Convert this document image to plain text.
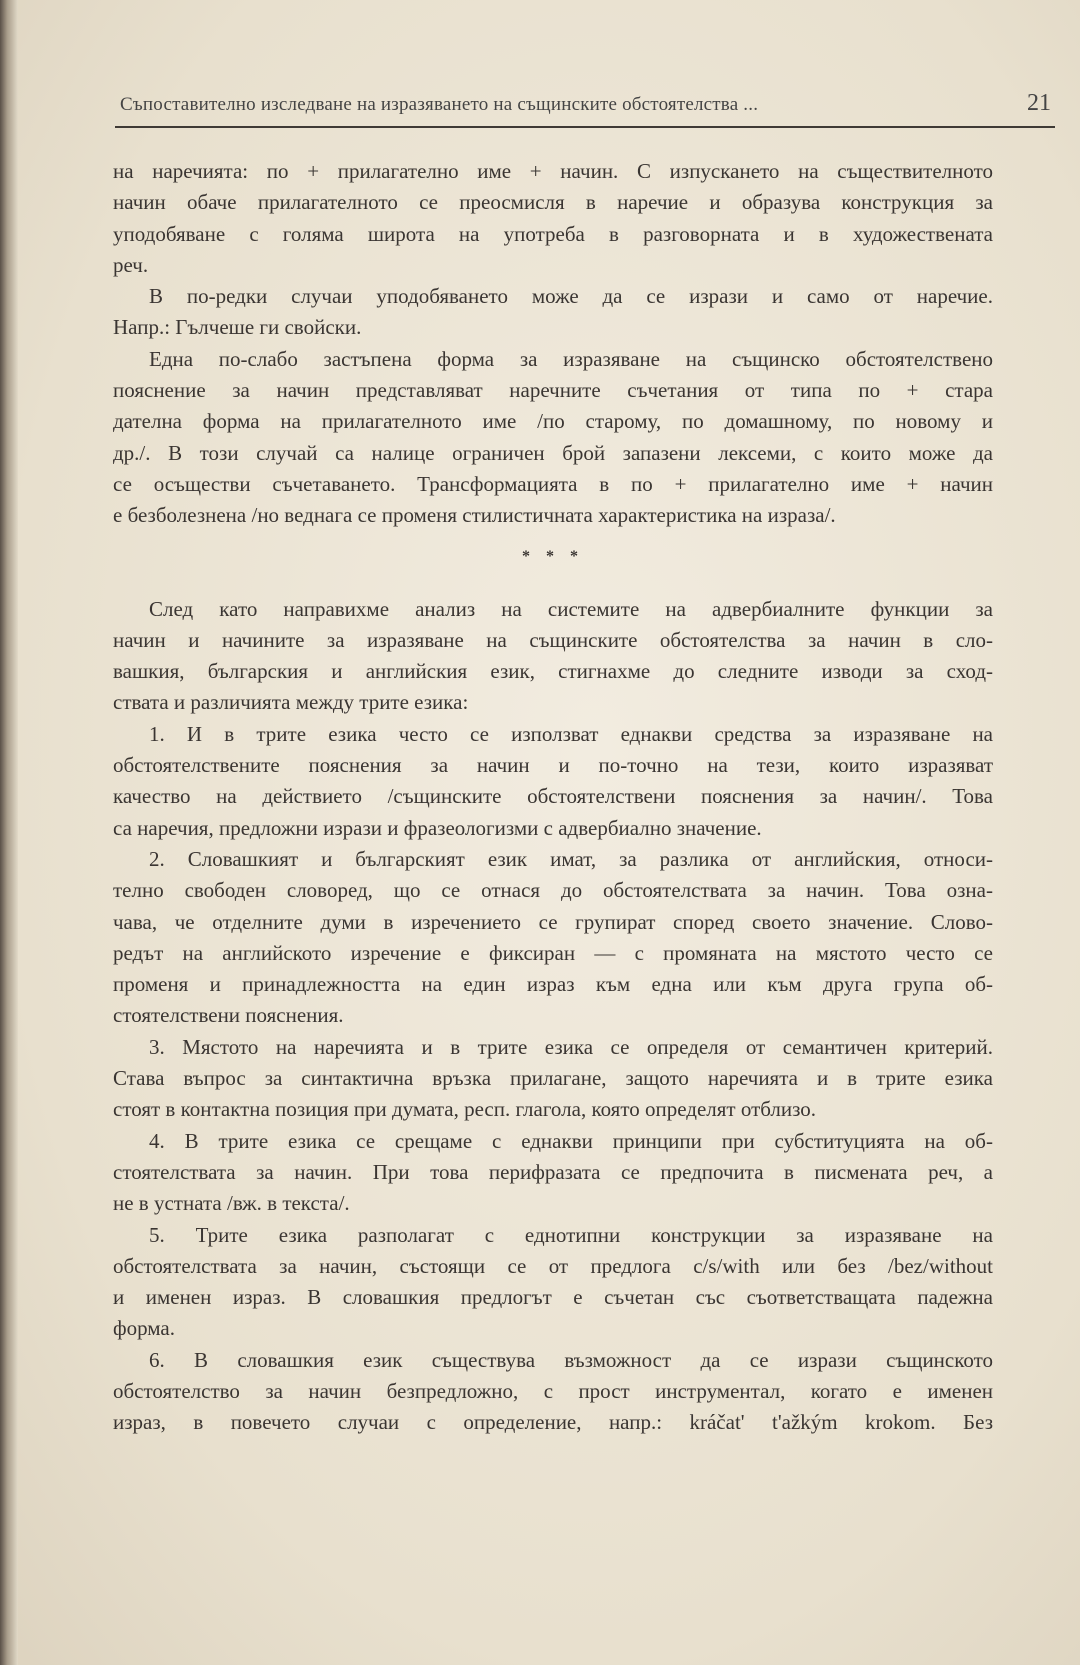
Съпоставително изследване на изразяването на същинските обстоятелства ...	21
на наречията: по + прилагателно име + начин. С изпускането на съществителното
начин обаче прилагателното се преосмисля в наречие и образува конструкция за
уподобяване с голяма широта на употреба в разговорната и в художествената
реч.
В по-редки случаи уподобяването може да се изрази и само от наречие.
Напр.: Гълчеше ги свойски.
Една по-слабо застъпена форма за изразяване на същинско обстоятелствено
пояснение за начин представляват наречните съчетания от типа по + стара
дателна форма на прилагателното име /по старому, по домашному, по новому и
др./. В този случай са налице ограничен брой запазени лексеми, с които може да
се осъществи съчетаването. Трансформацията в по + прилагателно име + начин
е безболезнена /но веднага се променя стилистичната характеристика на израза/.
* * *
След като направихме анализ на системите на адвербиалните функции за
начин и начините за изразяване на същинските обстоятелства за начин в сло-
вашкия, българския и английския език, стигнахме до следните изводи за сход-
ствата и различията между трите езика:
1. И в трите езика често се използват еднакви средства за изразяване на
обстоятелствените пояснения за начин и по-точно на тези, които изразяват
качество на действието /същинските обстоятелствени пояснения за начин/. Това
са наречия, предложни изрази и фразеологизми с адвербиално значение.
2. Словашкият и българският език имат, за разлика от английския, относи-
телно свободен словоред, що се отнася до обстоятелствата за начин. Това озна-
чава, че отделните думи в изречението се групират според своето значение. Слово-
редът на английското изречение е фиксиран — с промяната на мястото често се
променя и принадлежността на един израз към една или към друга група об-
стоятелствени пояснения.
3. Мястото на наречията и в трите езика се определя от семантичен критерий.
Става въпрос за синтактична връзка прилагане, защото наречията и в трите езика
стоят в контактна позиция при думата, респ. глагола, която определят отблизо.
4. В трите езика се срещаме с еднакви принципи при субституцията на об-
стоятелствата за начин. При това перифразата се предпочита в писмената реч, а
не в устната /вж. в текста/.
5. Трите езика разполагат с еднотипни конструкции за изразяване на
обстоятелствата за начин, състоящи се от предлога c/s/with или без /bez/without
и именен израз. В словашкия предлогът е съчетан със съответстващата падежна
форма.
6. В словашкия език съществува възможност да се изрази същинското
обстоятелство за начин безпредложно, с прост инструментал, когато е именен
израз, в повечето случаи с определение, напр.: kráčat' t'ažkým krokom. Без
